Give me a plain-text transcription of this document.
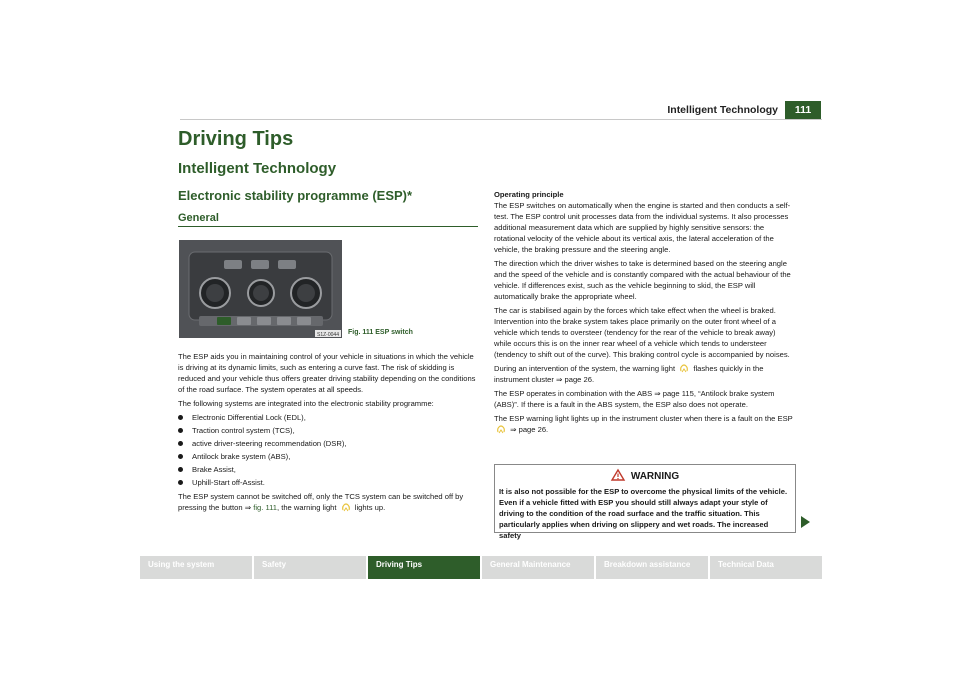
Intelligent Technology	111
Driving Tips
Intelligent Technology
Electronic stability programme (ESP)*
General
S1Z-0044 Fig. 111 ESP switch

The ESP aids you in maintaining control of your vehicle in situations in which the vehicle is driving at its dynamic limits, such as entering a curve fast. The risk of skidding is reduced and your vehicle thus offers greater driving stability depending on the conditions of the road surface. The system operates at all speeds.

The following systems are integrated into the electronic stability programme:

Electronic Differential Lock (EDL),
Traction control system (TCS),
active driver-steering recommendation (DSR),
Antilock brake system (ABS),
Brake Assist,
Uphill-Start off-Assist.

The ESP system cannot be switched off, only the TCS system can be switched off by pressing the button ⇒ fig. 111, the warning light lights up.

Operating principle

The ESP switches on automatically when the engine is started and then conducts a self-test. The ESP control unit processes data from the individual systems. It also processes additional measurement data which are supplied by highly sensitive sensors: the rotational velocity of the vehicle about its vertical axis, the lateral acceleration of the vehicle, the braking pressure and the steering angle.

The direction which the driver wishes to take is determined based on the steering angle and the speed of the vehicle and is constantly compared with the actual behaviour of the vehicle. If differences exist, such as the vehicle beginning to skid, the ESP will automatically brake the appropriate wheel.

The car is stabilised again by the forces which take effect when the wheel is braked. Intervention into the brake system takes place primarily on the outer front wheel of a vehicle which tends to oversteer (tendency for the rear of the vehicle to break away) while occurs this is on the inner rear wheel of a vehicle which tends to understeer (tendency to shift out of the curve). This braking control cycle is accompanied by noises.

During an intervention of the system, the warning light flashes quickly in the instrument cluster ⇒ page 26.

The ESP operates in combination with the ABS ⇒ page 115, “Antilock brake system (ABS)”. If there is a fault in the ABS system, the ESP also does not operate.

The ESP warning light lights up in the instrument cluster when there is a fault on the ESP  ⇒ page 26.

WARNING
It is also not possible for the ESP to overcome the physical limits of the vehicle. Even if a vehicle fitted with ESP you should still always adapt your style of driving to the condition of the road surface and the traffic situation. This particularly applies when driving on slippery and wet roads. The increased safety
Using the system	Safety	Driving Tips	General Maintenance	Breakdown assistance	Technical Data
